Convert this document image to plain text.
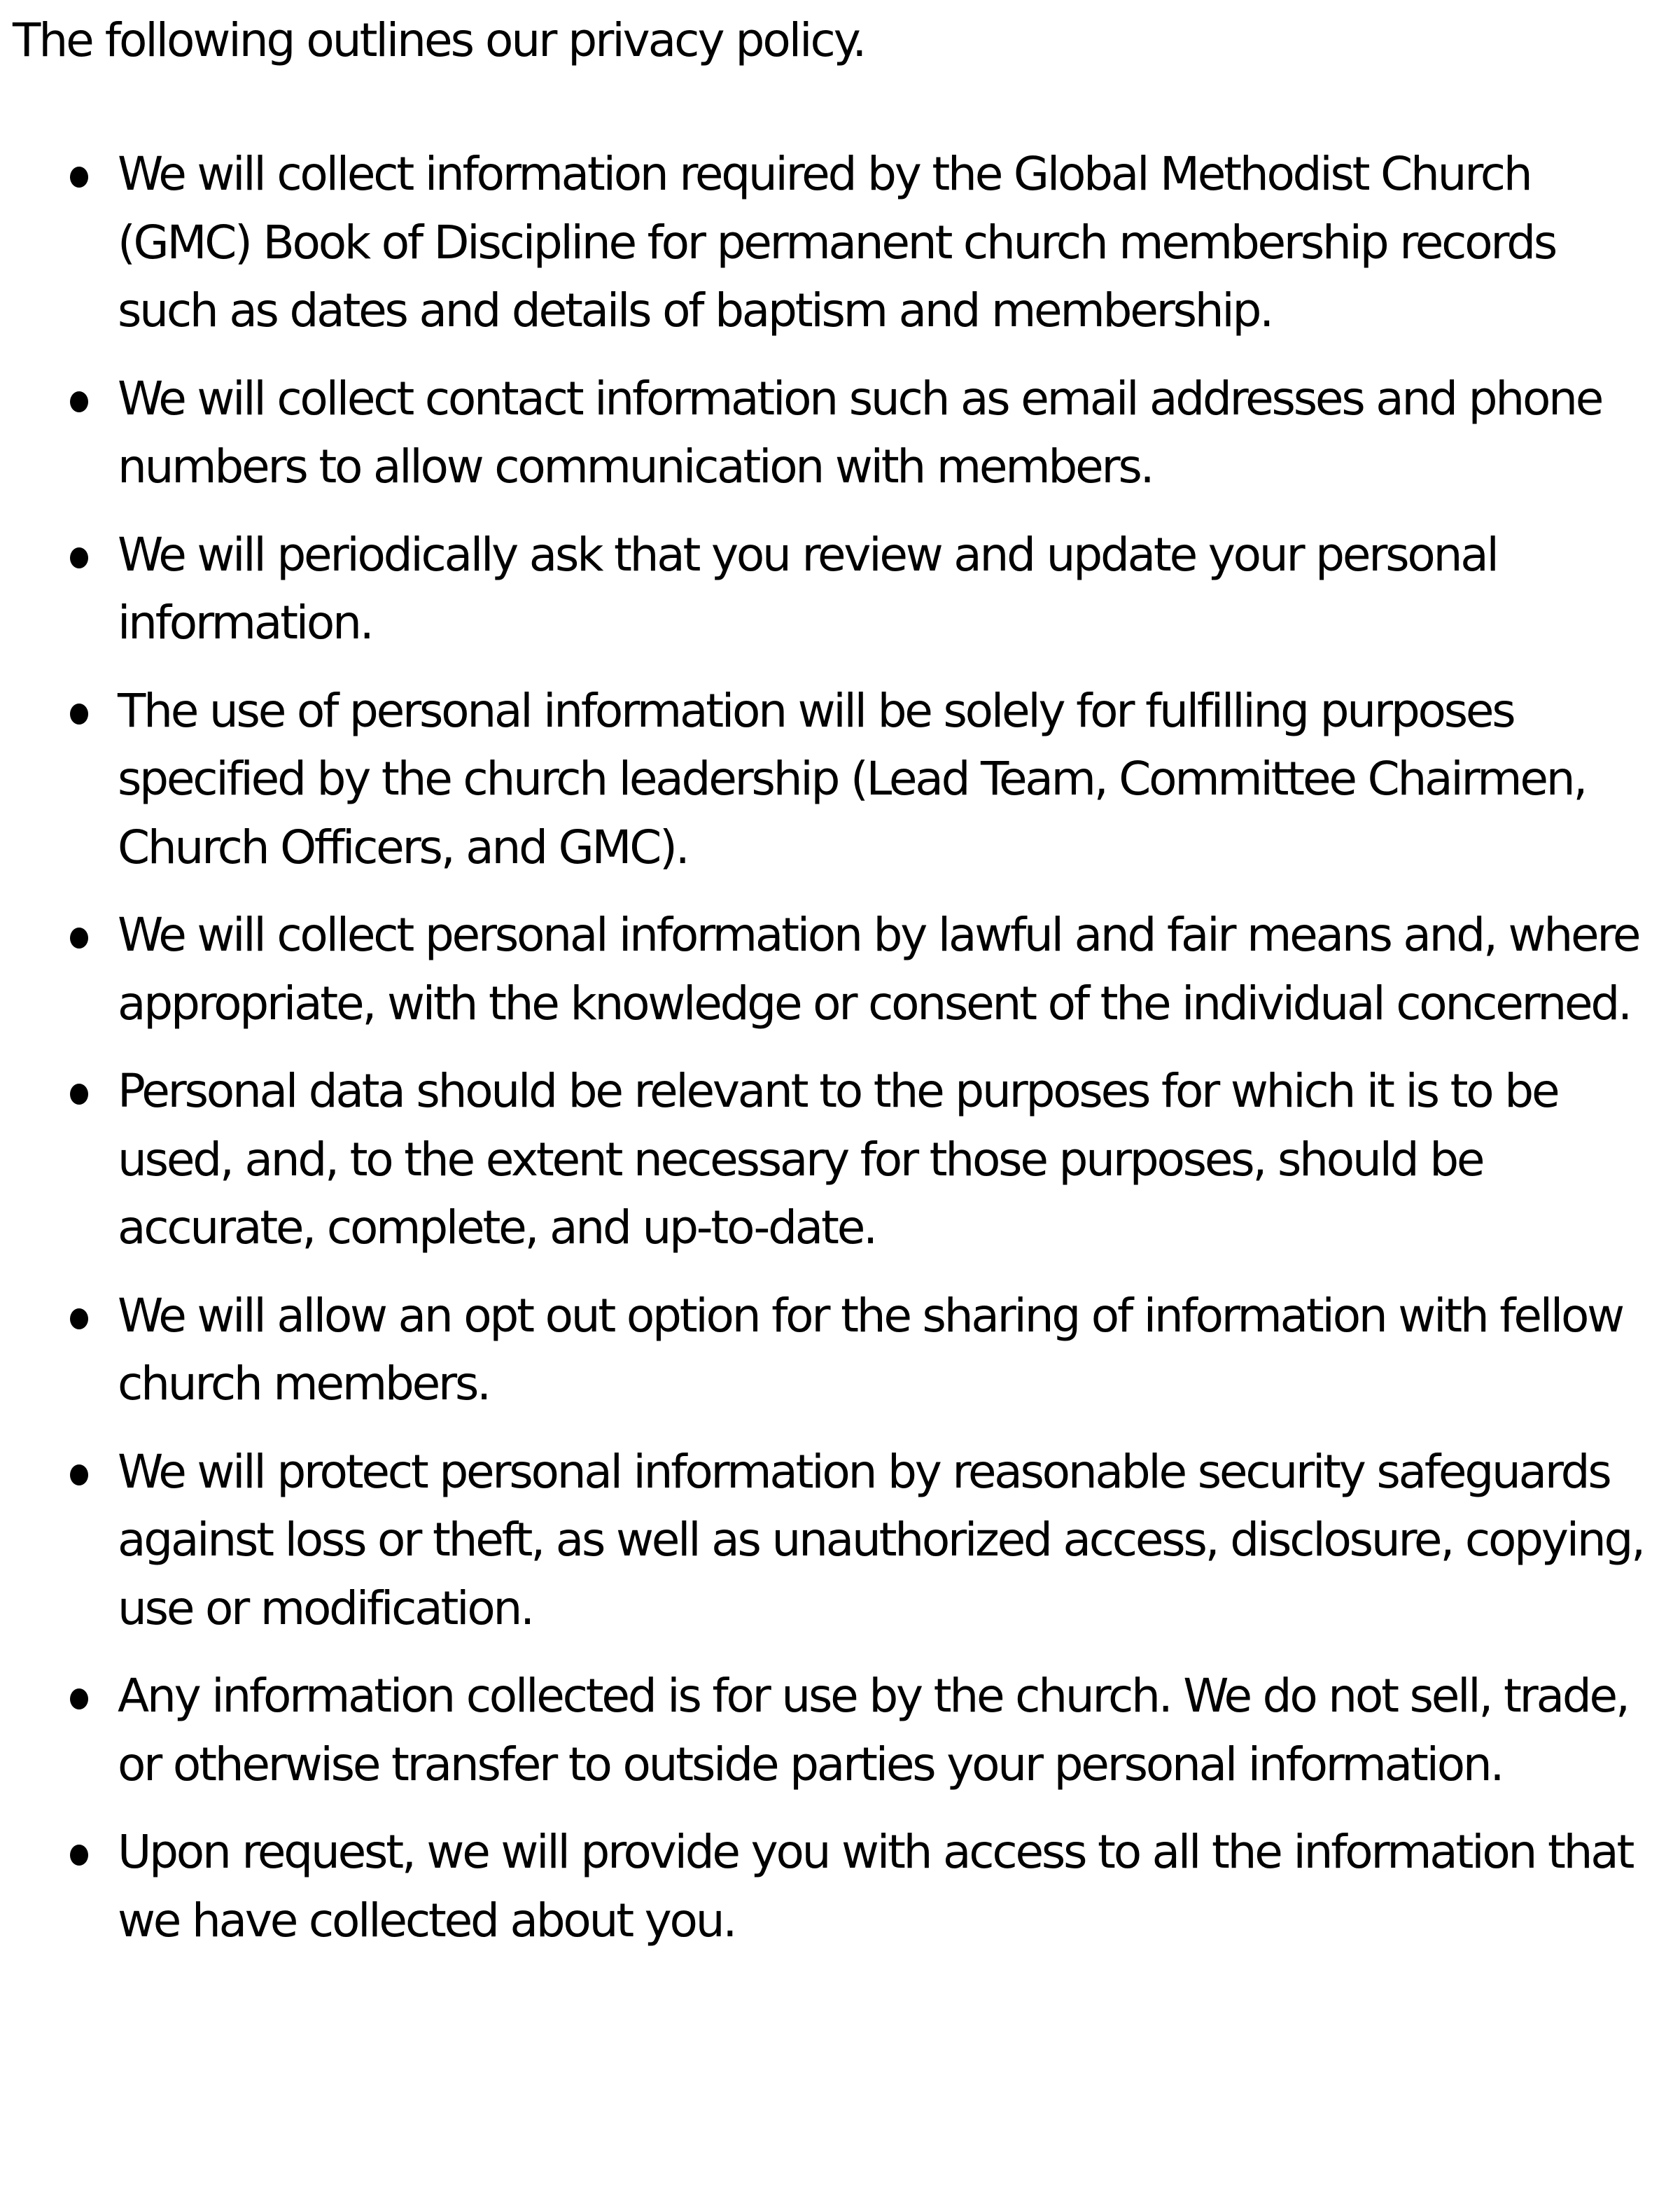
The following outlines our privacy policy.
We will collect information required by the Global Methodist Church (GMC) Book of Discipline for permanent church membership records such as dates and details of baptism and membership.
We will collect contact information such as email addresses and phone numbers to allow communication with members.
We will periodically ask that you review and update your personal information.
The use of personal information will be solely for fulfilling purposes specified by the church leadership (Lead Team, Committee Chairmen, Church Officers, and GMC).
We will collect personal information by lawful and fair means and, where appropriate, with the knowledge or consent of the individual concerned.
Personal data should be relevant to the purposes for which it is to be used, and, to the extent necessary for those purposes, should be accurate, complete, and up-to-date.
We will allow an opt out option for the sharing of information with fellow church members.
We will protect personal information by reasonable security safeguards against loss or theft, as well as unauthorized access, disclosure, copying, use or modification.
Any information collected is for use by the church. We do not sell, trade, or otherwise transfer to outside parties your personal information.
Upon request, we will provide you with access to all the information that we have collected about you.
